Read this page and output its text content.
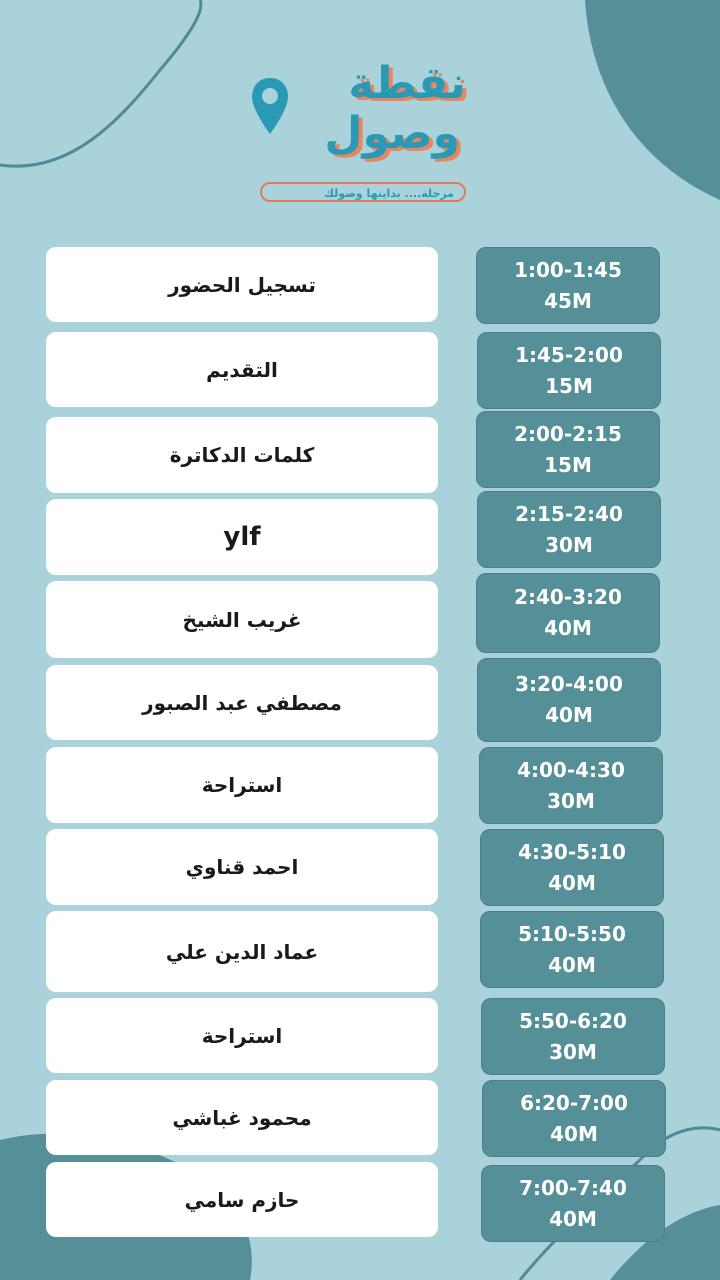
نقطة
وصول
مرحلة.... بدايتها وصولك
تسجيل الحضور
1:00-1:45
45M
التقديم
1:45-2:00
15M
كلمات الدكاترة
2:00-2:15
15M
ylf
2:15-2:40
30M
غريب الشيخ
2:40-3:20
40M
مصطفي عبد الصبور
3:20-4:00
40M
استراحة
4:00-4:30
30M
احمد قناوي
4:30-5:10
40M
عماد الدين علي
5:10-5:50
40M
استراحة
5:50-6:20
30M
محمود غباشي
6:20-7:00
40M
حازم سامي	7:00-7:40
40M
